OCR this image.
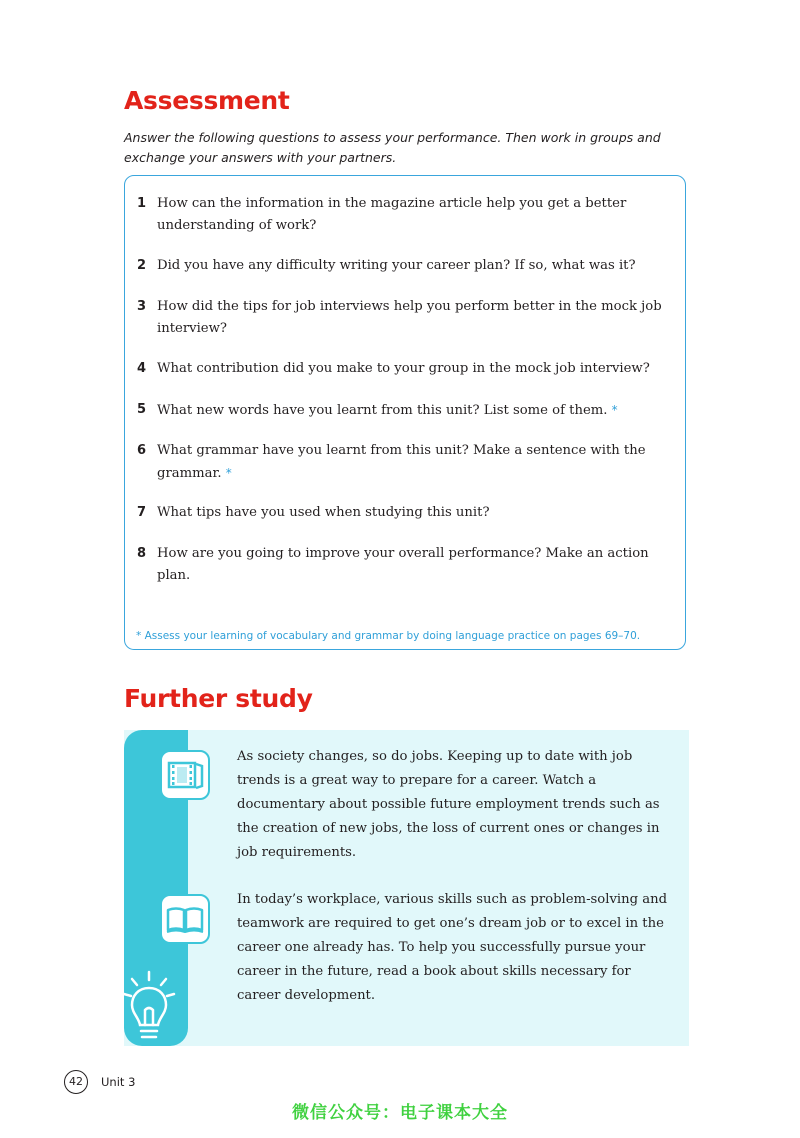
Assessment

Answer the following questions to assess your performance. Then work in groups and exchange your answers with your partners.

1 How can the information in the magazine article help you get a better understanding of work?
2 Did you have any difficulty writing your career plan? If so, what was it?
3 How did the tips for job interviews help you perform better in the mock job interview?
4 What contribution did you make to your group in the mock job interview?
5 What new words have you learnt from this unit? List some of them. *
6 What grammar have you learnt from this unit? Make a sentence with the grammar. *
7 What tips have you used when studying this unit?
8 How are you going to improve your overall performance? Make an action plan.
* Assess your learning of vocabulary and grammar by doing language practice on pages 69–70.
Further study

As society changes, so do jobs. Keeping up to date with job trends is a great way to prepare for a career. Watch a documentary about possible future employment trends such as the creation of new jobs, the loss of current ones or changes in job requirements.

In today’s workplace, various skills such as problem-solving and teamwork are required to get one’s dream job or to excel in the career one already has. To help you successfully pursue your career in the future, read a book about skills necessary for career development.

42	Unit 3
微信公众号：电子课本大全
